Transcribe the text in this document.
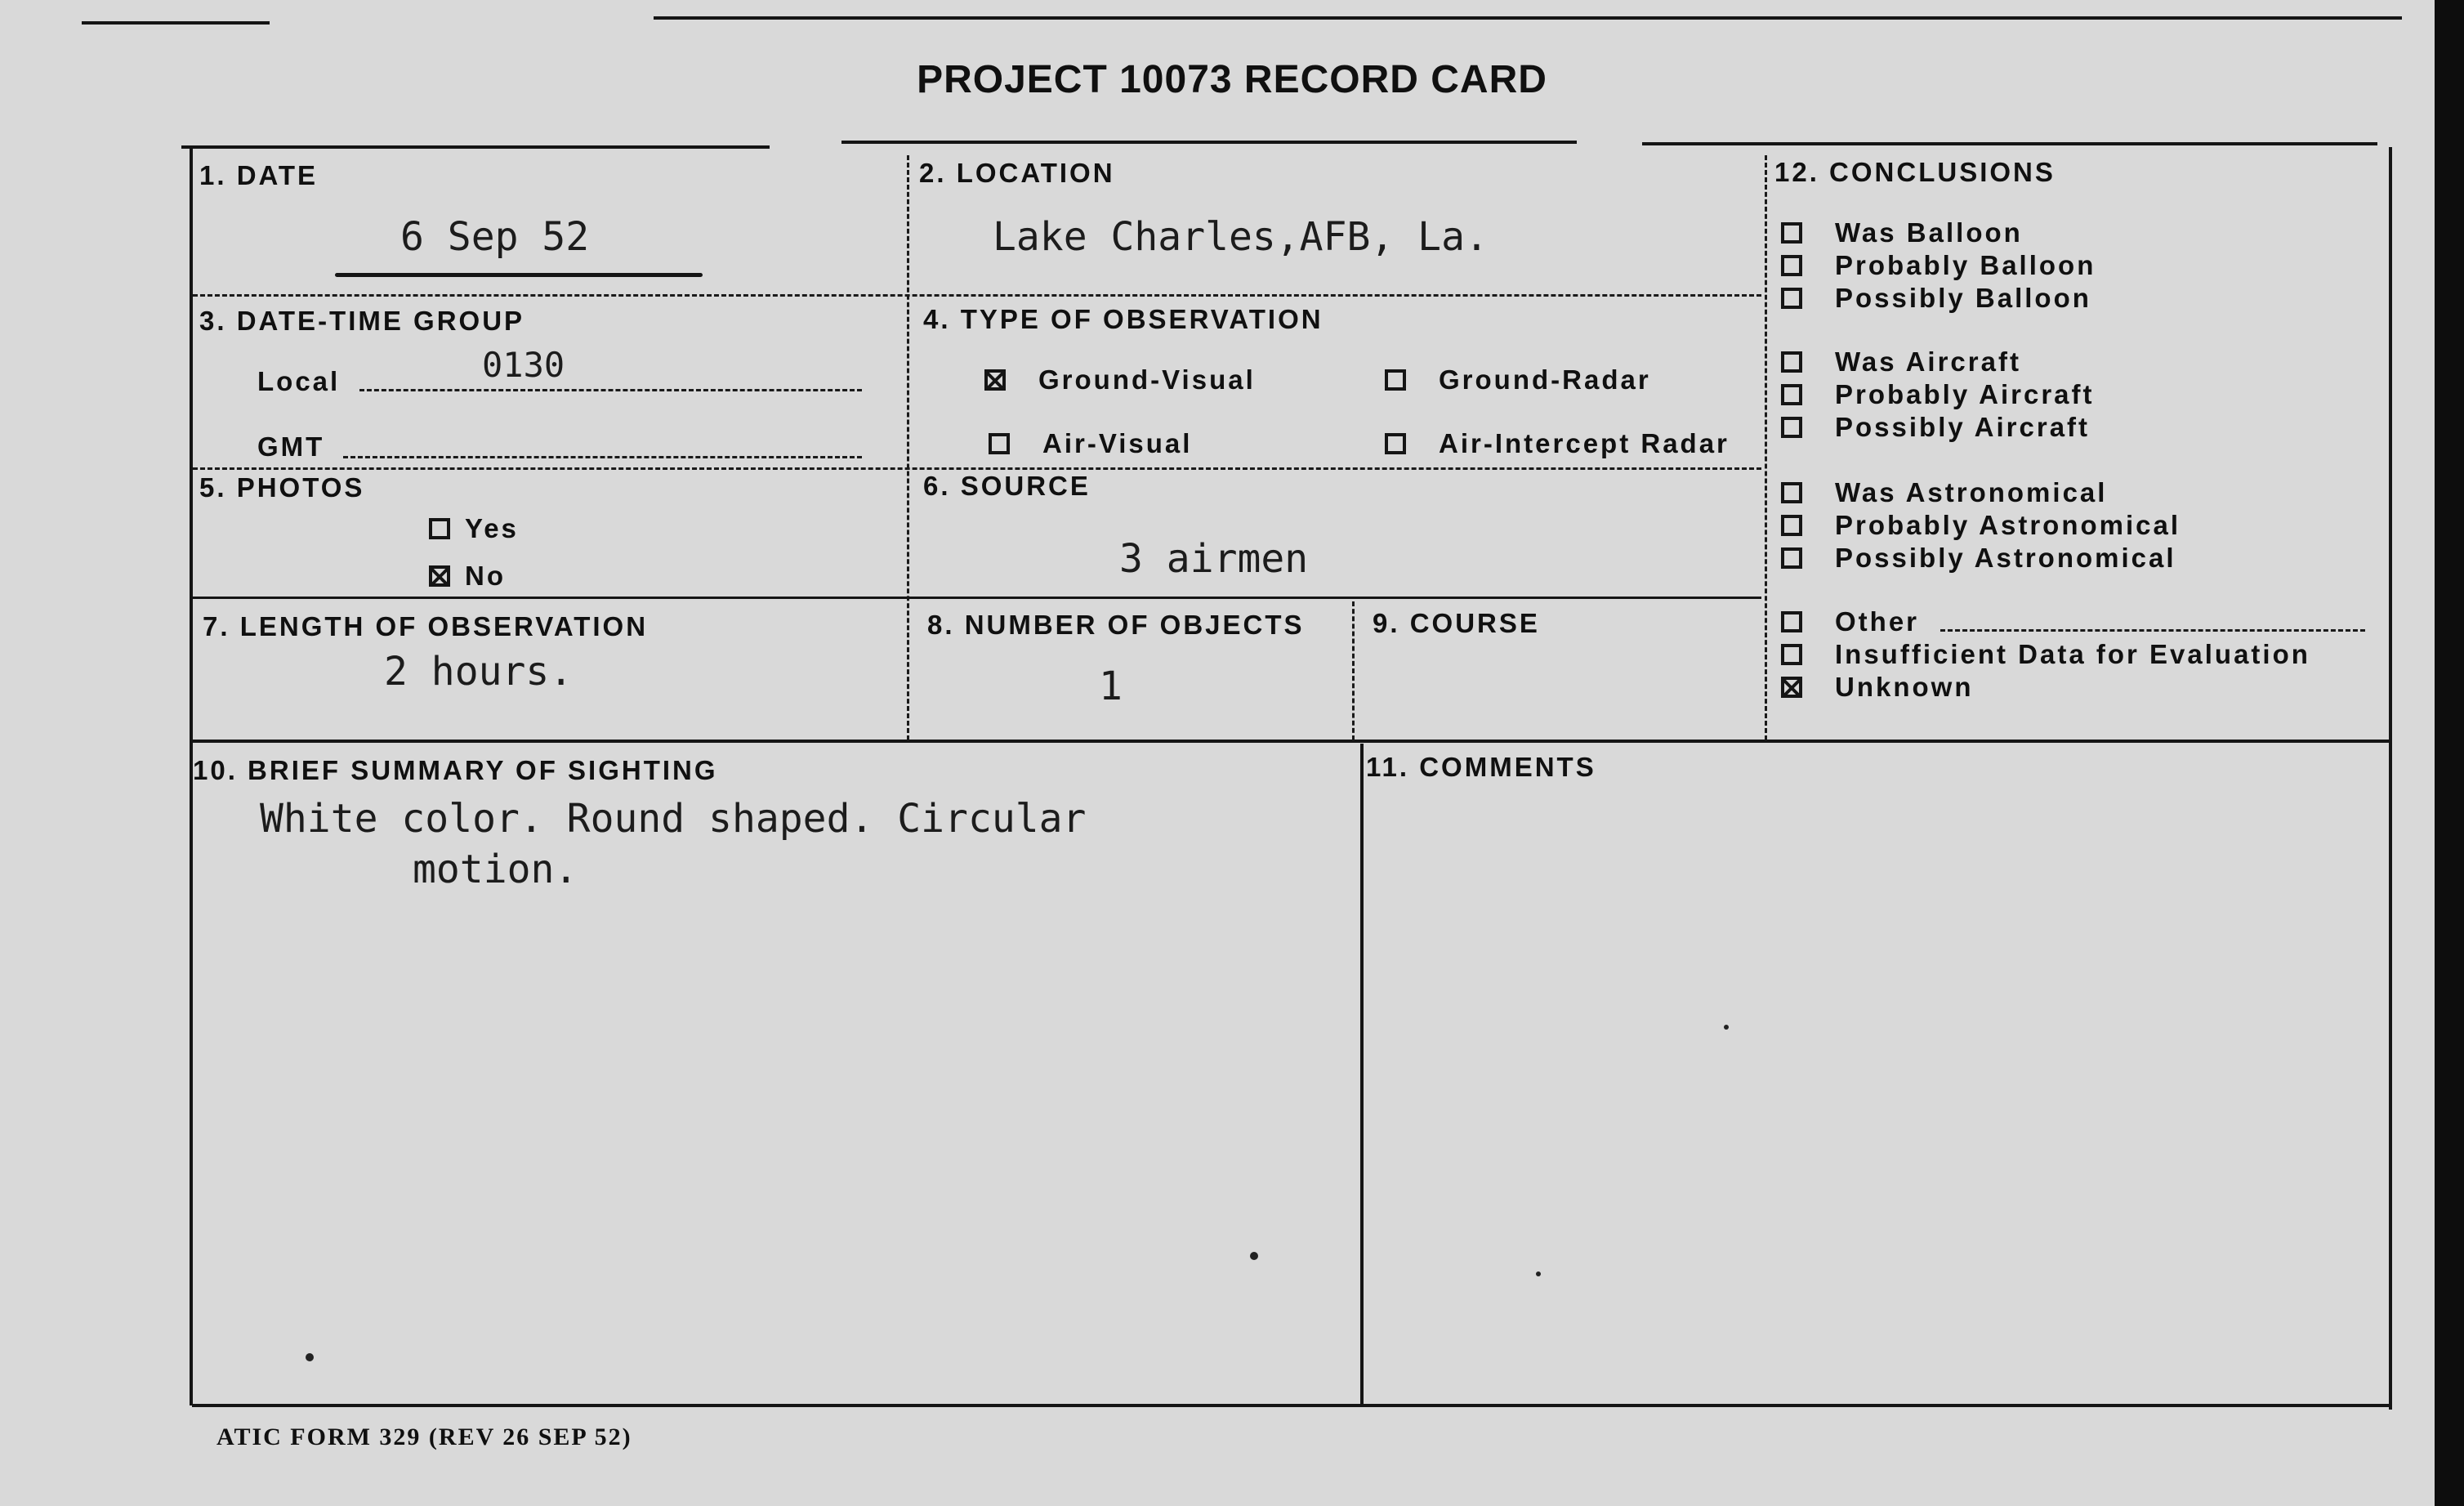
PROJECT 10073 RECORD CARD
1. DATE
6 Sep 52
2. LOCATION
Lake Charles,AFB, La.
3. DATE-TIME GROUP
Local	0130
GMT
4. TYPE OF OBSERVATION
Ground-Visual	Ground-Radar
Air-Visual	Air-Intercept Radar
5. PHOTOS
Yes
No
6. SOURCE
3 airmen
7. LENGTH OF OBSERVATION
2 hours.
8. NUMBER OF OBJECTS
1
9. COURSE
10. BRIEF SUMMARY OF SIGHTING
White color. Round shaped. Circular
motion.
11. COMMENTS
12. CONCLUSIONS
Was Balloon
Probably Balloon
Possibly Balloon
Was Aircraft
Probably Aircraft
Possibly Aircraft
Was Astronomical
Probably Astronomical
Possibly Astronomical
Other
Insufficient Data for Evaluation
Unknown
ATIC FORM 329 (REV 26 SEP 52)
